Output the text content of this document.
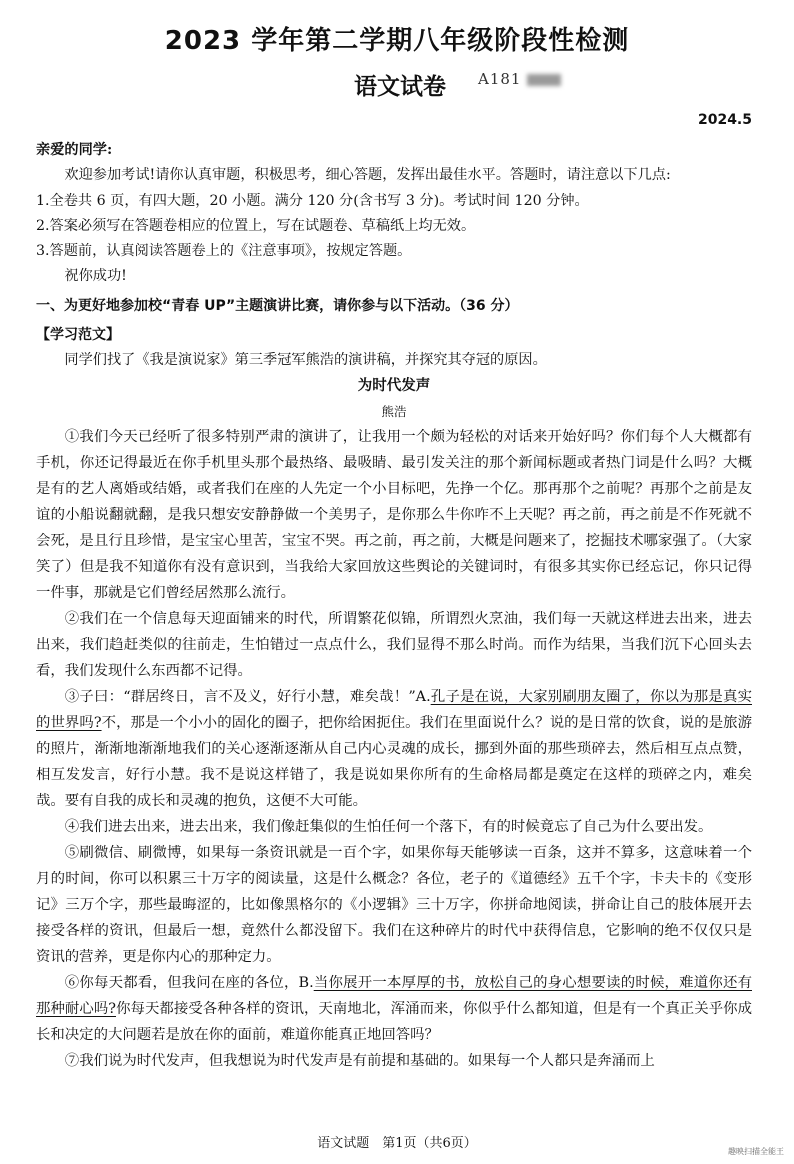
2023 学年第二学期八年级阶段性检测
语文试卷 A181
2024.5

亲爱的同学:

欢迎参加考试!请你认真审题，积极思考，细心答题，发挥出最佳水平。答题时，请注意以下几点:

1.全卷共 6 页，有四大题，20 小题。满分 120 分(含书写 3 分)。考试时间 120 分钟。

2.答案必须写在答题卷相应的位置上，写在试题卷、草稿纸上均无效。

3.答题前，认真阅读答题卷上的《注意事项》，按规定答题。

祝你成功!

一、为更好地参加校“青春 UP”主题演讲比赛，请你参与以下活动。（36 分）

【学习范文】

同学们找了《我是演说家》第三季冠军熊浩的演讲稿，并探究其夺冠的原因。

为时代发声

熊浩

①我们今天已经听了很多特别严肃的演讲了，让我用一个颇为轻松的对话来开始好吗？你们每个人大概都有手机，你还记得最近在你手机里头那个最热络、最吸睛、最引发关注的那个新闻标题或者热门词是什么吗？大概是有的艺人离婚或结婚，或者我们在座的人先定一个小目标吧，先挣一个亿。那再那个之前呢？再那个之前是友谊的小船说翻就翻，是我只想安安静静做一个美男子，是你那么牛你咋不上天呢？再之前，再之前是不作死就不会死，是且行且珍惜，是宝宝心里苦，宝宝不哭。再之前，再之前，大概是问题来了，挖掘技术哪家强了。（大家笑了）但是我不知道你有没有意识到，当我给大家回放这些舆论的关键词时，有很多其实你已经忘记，你只记得一件事，那就是它们曾经居然那么流行。

②我们在一个信息每天迎面铺来的时代，所谓繁花似锦，所谓烈火烹油，我们每一天就这样进去出来，进去出来，我们趋赶类似的往前走，生怕错过一点点什么，我们显得不那么时尚。而作为结果，当我们沉下心回头去看，我们发现什么东西都不记得。

③子曰：“群居终日，言不及义，好行小慧，难矣哉！”A.孔子是在说，大家别刷朋友圈了，你以为那是真实的世界吗?不，那是一个小小的固化的圈子，把你给困扼住。我们在里面说什么？说的是日常的饮食，说的是旅游的照片，渐渐地渐渐地我们的关心逐渐逐渐从自己内心灵魂的成长，挪到外面的那些琐碎去，然后相互点点赞，相互发发言，好行小慧。我不是说这样错了，我是说如果你所有的生命格局都是奠定在这样的琐碎之内，难矣哉。要有自我的成长和灵魂的抱负，这便不大可能。

④我们进去出来，进去出来，我们像赶集似的生怕任何一个落下，有的时候竟忘了自己为什么要出发。

⑤刷微信、刷微博，如果每一条资讯就是一百个字，如果你每天能够读一百条，这并不算多，这意味着一个月的时间，你可以积累三十万字的阅读量，这是什么概念？各位，老子的《道德经》五千个字，卡夫卡的《变形记》三万个字，那些最晦涩的，比如像黑格尔的《小逻辑》三十万字，你拼命地阅读，拼命让自己的肢体展开去接受各样的资讯，但最后一想，竟然什么都没留下。我们在这种碎片的时代中获得信息，它影响的绝不仅仅只是资讯的营养，更是你内心的那种定力。

⑥你每天都看，但我问在座的各位，B.当你展开一本厚厚的书，放松自己的身心想要读的时候，难道你还有那种耐心吗?你每天都接受各种各样的资讯，天南地北，浑涌而来，你似乎什么都知道，但是有一个真正关乎你成长和决定的大问题若是放在你的面前，难道你能真正地回答吗？

⑦我们说为时代发声，但我想说为时代发声是有前提和基础的。如果每一个人都只是奔涌而上

语文试题　第1页（共6页）
趣映扫描全能王
